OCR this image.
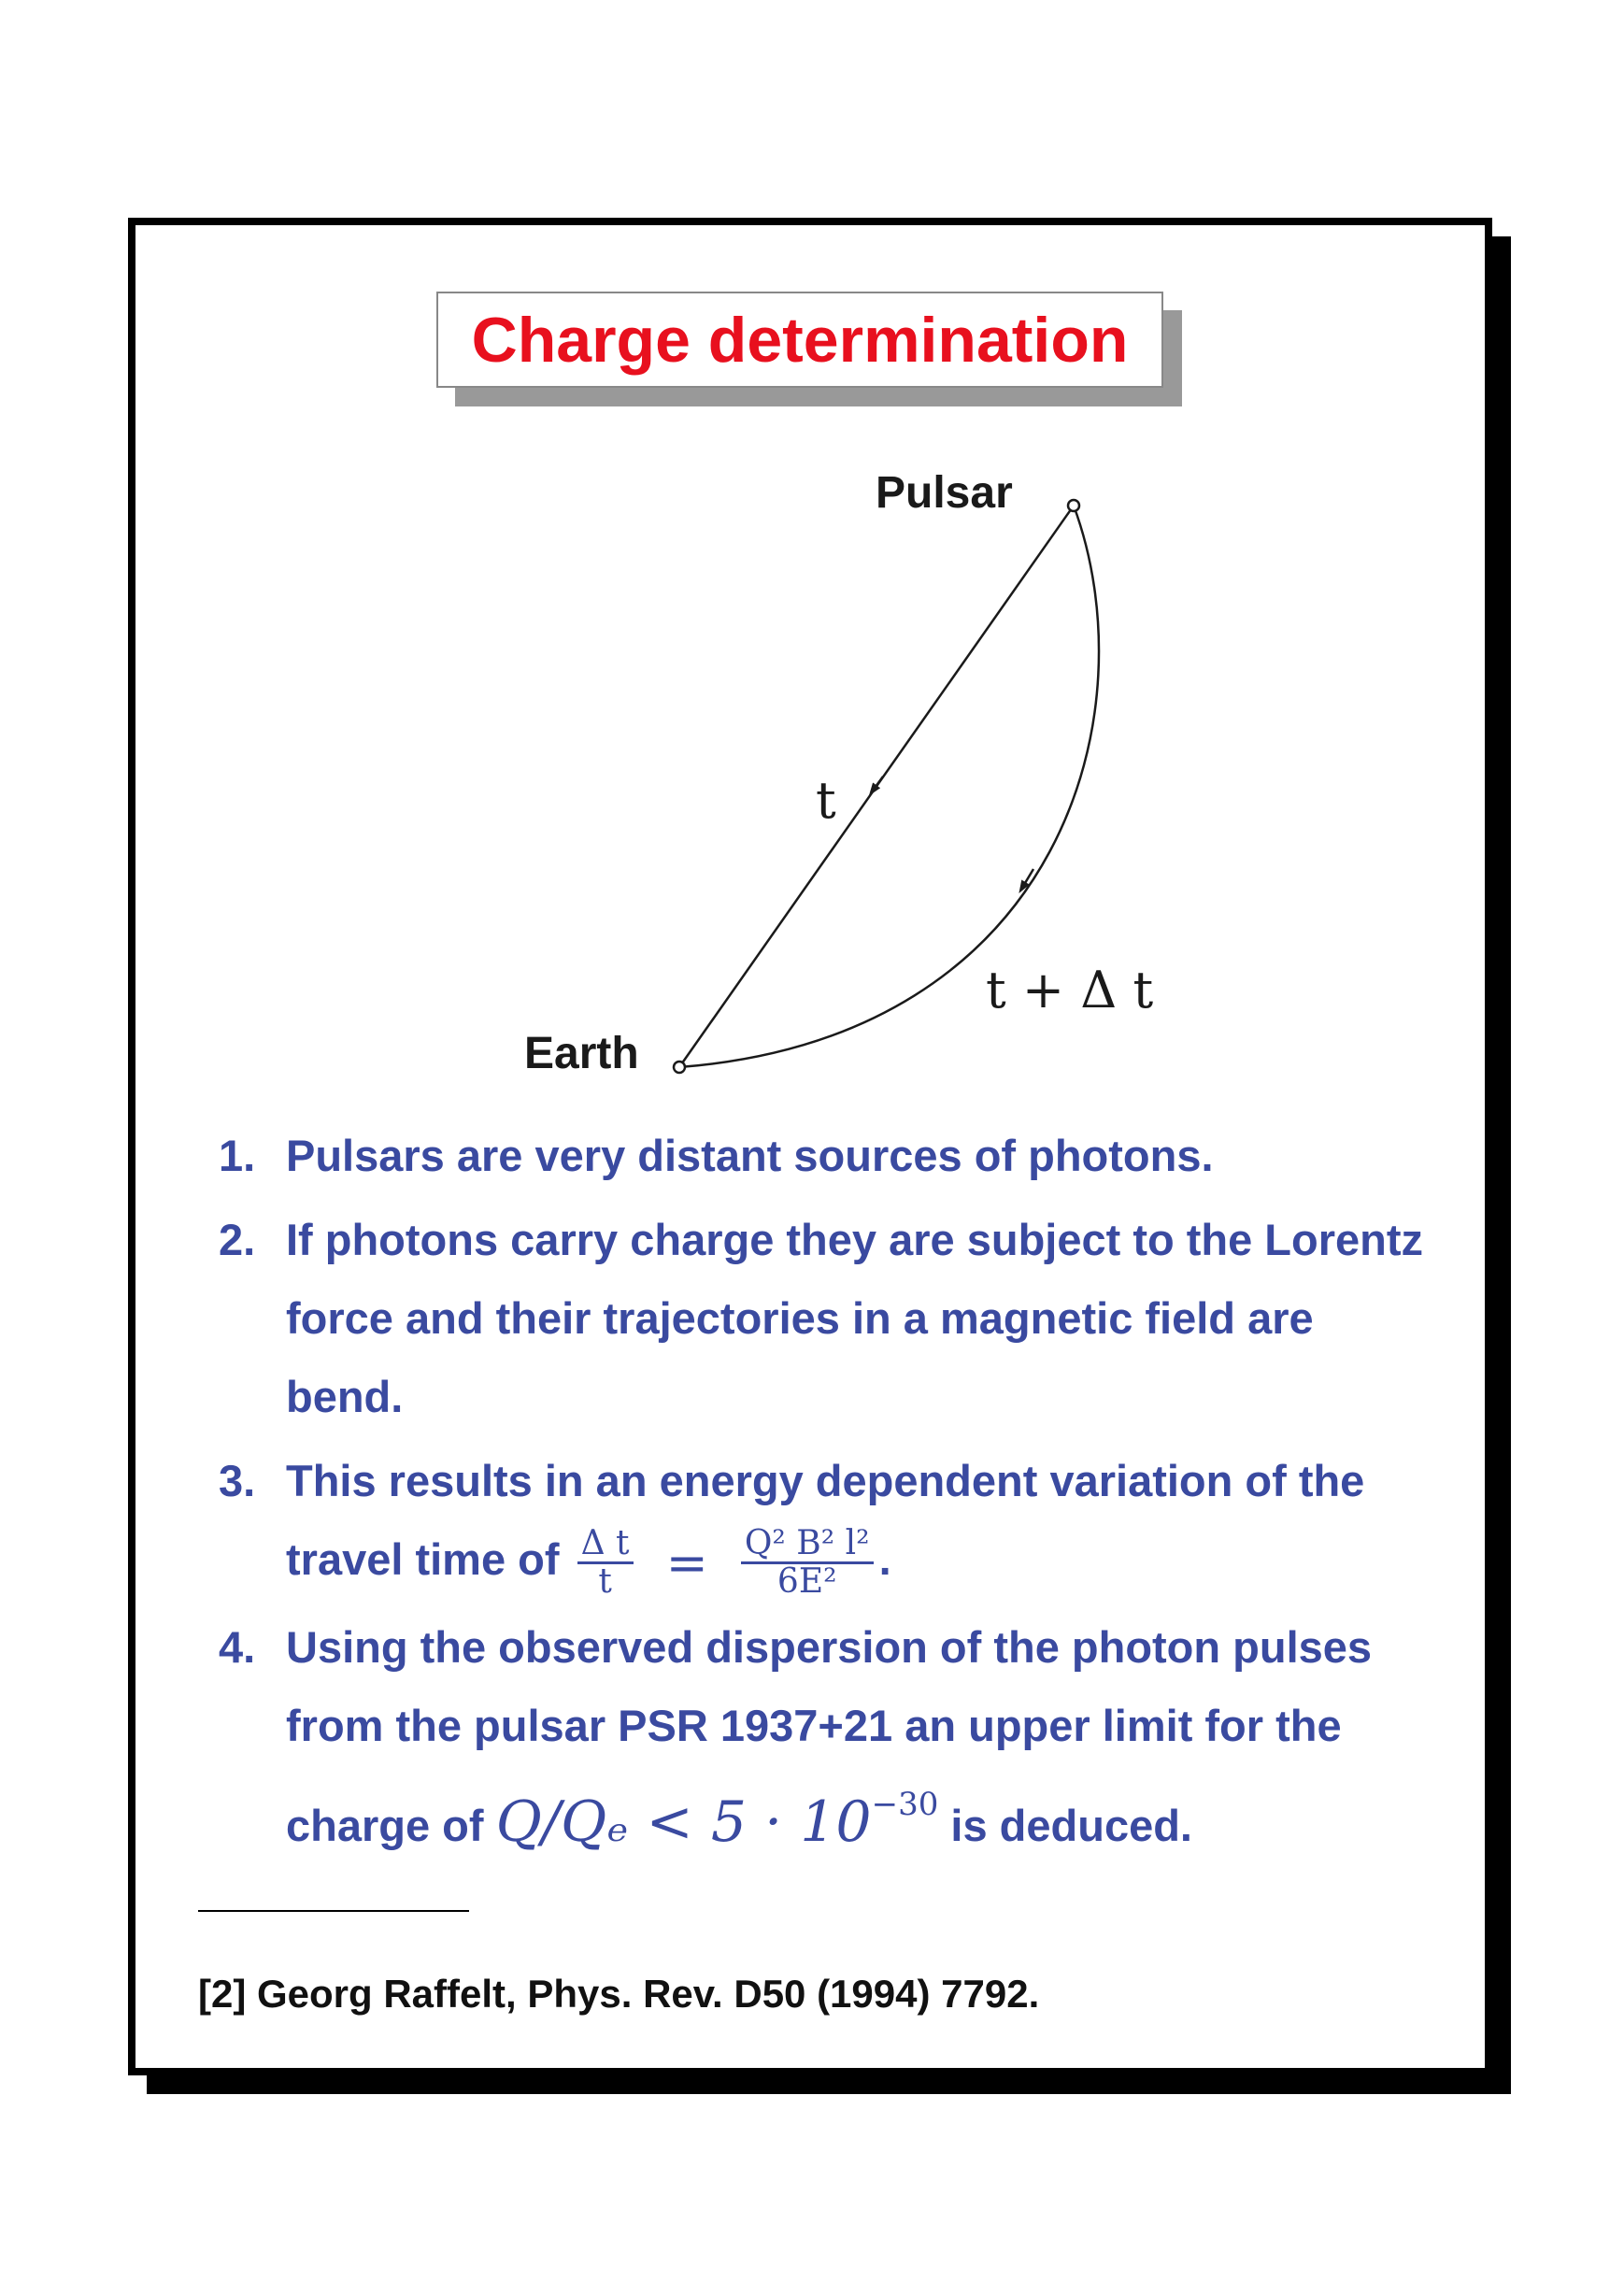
Charge determination
Pulsar
Earth
t
t + Δ t
1. Pulsars are very distant sources of photons.
2. If photons carry charge they are subject to the Lorentz force and their trajectories in a magnetic field are bend.
3. This results in an energy dependent variation of the travel time of $\frac{\text{Δ t}}{t} = \frac{\text{Q² B² l²}}{\text{6E²}}$ .
4. Using the observed dispersion of the photon pulses from the pulsar PSR 1937+21 an upper limit for the charge of $Q/Q_e < 5 \cdot 10^{-30}$ is deduced.
[2] Georg Raffelt, Phys. Rev. D50 (1994) 7792.
